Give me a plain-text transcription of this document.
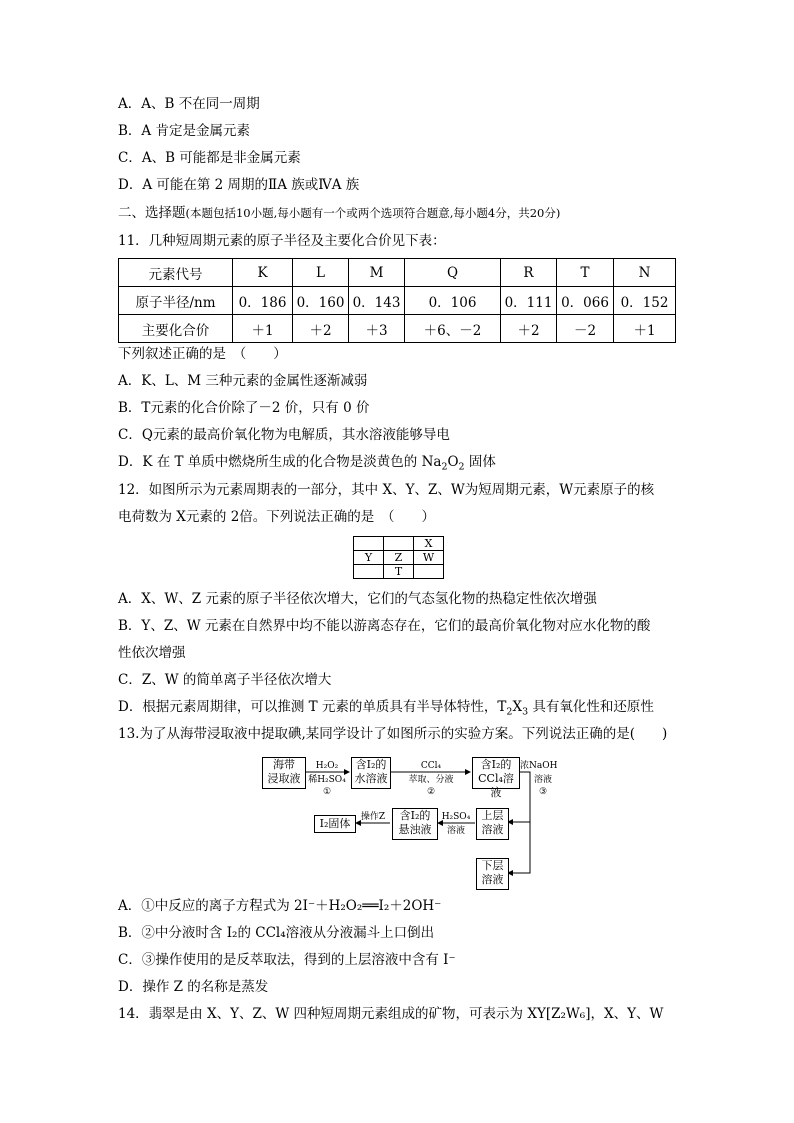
A．A、B 不在同一周期
B．A 肯定是金属元素
C．A、B 可能都是非金属元素
D．A 可能在第 2 周期的ⅡA 族或ⅣA 族
二、选择题(本题包括10小题,每小题有一个或两个选项符合题意,每小题4分，共20分)
11．几种短周期元素的原子半径及主要化合价见下表：
元素代号	K	L	M	Q	R	T	N
原子半径/nm	0．186	0．160	0．143	0．106	0．111	0．066	0．152
主要化合价	＋1	＋2	＋3	＋6、－2	＋2	－2	＋1
下列叙述正确的是　（　　）
A．K、L、M 三种元素的金属性逐渐减弱
B．T元素的化合价除了－2 价，只有 0 价
C．Q元素的最高价氧化物为电解质，其水溶液能够导电
D．K 在 T 单质中燃烧所生成的化合物是淡黄色的 $Na_2O_2$ 固体
12．如图所示为元素周期表的一部分，其中 X、Y、Z、W为短周期元素，W元素原子的核
电荷数为 X元素的 2倍。下列说法正确的是　（　　）
		X
Y	Z	W
	T	
A．X、W、Z 元素的原子半径依次增大，它们的气态氢化物的热稳定性依次增强
B．Y、Z、W 元素在自然界中均不能以游离态存在，它们的最高价氧化物对应水化物的酸
性依次增强
C．Z、W 的简单离子半径依次增大
D．根据元素周期律，可以推测 T 元素的单质具有半导体特性，$T_2X_3$ 具有氧化性和还原性
13.为了从海带浸取液中提取碘,某同学设计了如图所示的实验方案。下列说法正确的是(　　)
海带
浸取液
H₂O₂
稀H₂SO₄
①
含I₂的
水溶液
CCl₄
萃取、分液
②
含I₂的
CCl₄溶液
浓NaOH
溶液
③
上层
溶液
下层
溶液
H₂SO₄
溶液
含I₂的
悬浊液
操作Z
I₂固体
A．①中反应的离子方程式为 2I⁻＋H₂O₂══I₂＋2OH⁻
B．②中分液时含 I₂的 CCl₄溶液从分液漏斗上口倒出
C．③操作使用的是反萃取法，得到的上层溶液中含有 I⁻
D．操作 Z 的名称是蒸发
14．翡翠是由 X、Y、Z、W 四种短周期元素组成的矿物，可表示为 XY[Z₂W₆]，X、Y、W
